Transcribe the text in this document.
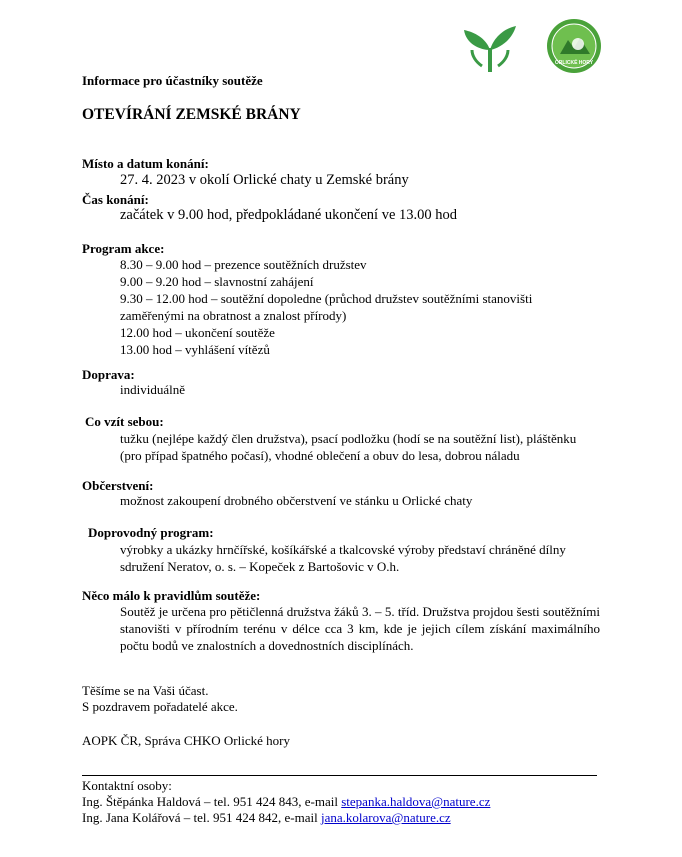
ORLICKÉ HORY
Informace pro účastníky soutěže
OTEVÍRÁNÍ ZEMSKÉ BRÁNY
Místo a datum konání:
27. 4. 2023 v okolí Orlické chaty u Zemské brány
Čas konání:
začátek v 9.00 hod, předpokládané ukončení ve 13.00 hod
Program akce:
8.30 – 9.00 hod – prezence soutěžních družstev
9.00 – 9.20 hod – slavnostní zahájení
9.30 – 12.00 hod – soutěžní dopoledne (průchod družstev soutěžními stanovišti
zaměřenými na obratnost a znalost přírody)
12.00 hod – ukončení soutěže
13.00 hod – vyhlášení vítězů
Doprava:
individuálně
Co vzít sebou:
tužku (nejlépe každý člen družstva), psací podložku (hodí se na soutěžní list), pláštěnku
(pro případ špatného počasí), vhodné oblečení a obuv do lesa, dobrou náladu
Občerstvení:
možnost zakoupení drobného občerstvení ve stánku u Orlické chaty
Doprovodný program:
výrobky a ukázky hrnčířské, košíkářské a tkalcovské výroby představí chráněné dílny
sdružení Neratov, o. s. – Kopeček z Bartošovic v O.h.
Něco málo k pravidlům soutěže:
Soutěž je určena pro pětičlenná družstva žáků 3. – 5. tříd. Družstva projdou šesti soutěžními stanovišti v přírodním terénu v délce cca 3 km, kde je jejich cílem získání maximálního počtu bodů ve znalostních a dovednostních disciplínách.
Těšíme se na Vaši účast.
S pozdravem pořadatelé akce.
AOPK ČR, Správa CHKO Orlické hory
Kontaktní osoby:
Ing. Štěpánka Haldová – tel. 951 424 843, e-mail stepanka.haldova@nature.cz
Ing. Jana Kolářová – tel. 951 424 842, e-mail jana.kolarova@nature.cz
